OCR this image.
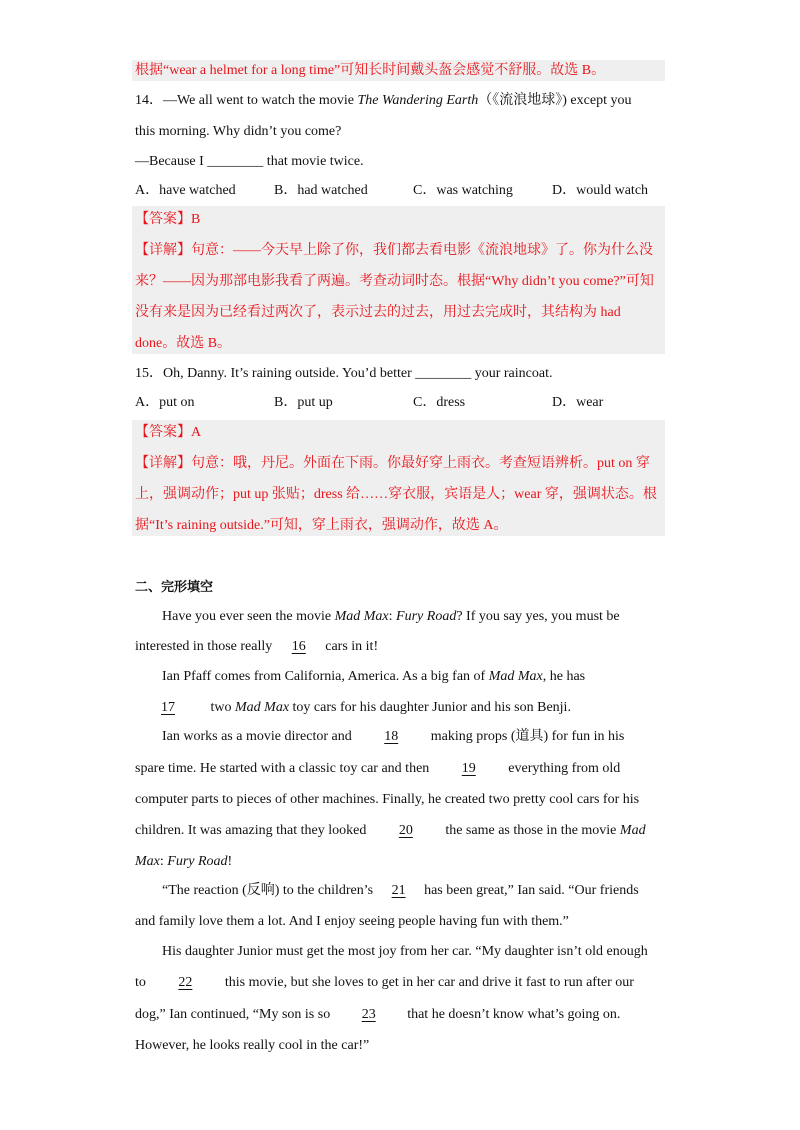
根据“wear a helmet for a long time”可知长时间戴头盔会感觉不舒服。故选 B。
14．—We all went to watch the movie The Wandering Earth（《流浪地球》) except you
this morning. Why didn’t you come?
—Because I ________ that movie twice.
A．have watched	B．had watched	C．was watching	D．would watch
【答案】B
【详解】句意：——今天早上除了你，我们都去看电影《流浪地球》了。你为什么没
来？——因为那部电影我看了两遍。考查动词时态。根据“Why didn’t you come?”可知
没有来是因为已经看过两次了，表示过去的过去，用过去完成时，其结构为 had
done。故选 B。
15．Oh, Danny. It’s raining outside. You’d better ________ your raincoat.
A．put on	B．put up	C．dress	D．wear
【答案】A
【详解】句意：哦，丹尼。外面在下雨。你最好穿上雨衣。考查短语辨析。put on 穿
上，强调动作；put up 张贴；dress 给……穿衣服，宾语是人；wear 穿，强调状态。根
据“It’s raining outside.”可知，穿上雨衣，强调动作，故选 A。
二、完形填空
Have you ever seen the movie Mad Max: Fury Road? If you say yes, you must be
interested in those really 16 cars in it!
Ian Pfaff comes from California, America. As a big fan of Mad Max, he has
17 two Mad Max toy cars for his daughter Junior and his son Benji.
Ian works as a movie director and 18 making props (道具) for fun in his
spare time. He started with a classic toy car and then 19 everything from old
computer parts to pieces of other machines. Finally, he created two pretty cool cars for his
children. It was amazing that they looked 20 the same as those in the movie Mad
Max: Fury Road!
“The reaction (反响) to the children’s 21 has been great,” Ian said. “Our friends
and family love them a lot. And I enjoy seeing people having fun with them.”
His daughter Junior must get the most joy from her car. “My daughter isn’t old enough
to 22 this movie, but she loves to get in her car and drive it fast to run after our
dog,” Ian continued, “My son is so 23 that he doesn’t know what’s going on.
However, he looks really cool in the car!”
